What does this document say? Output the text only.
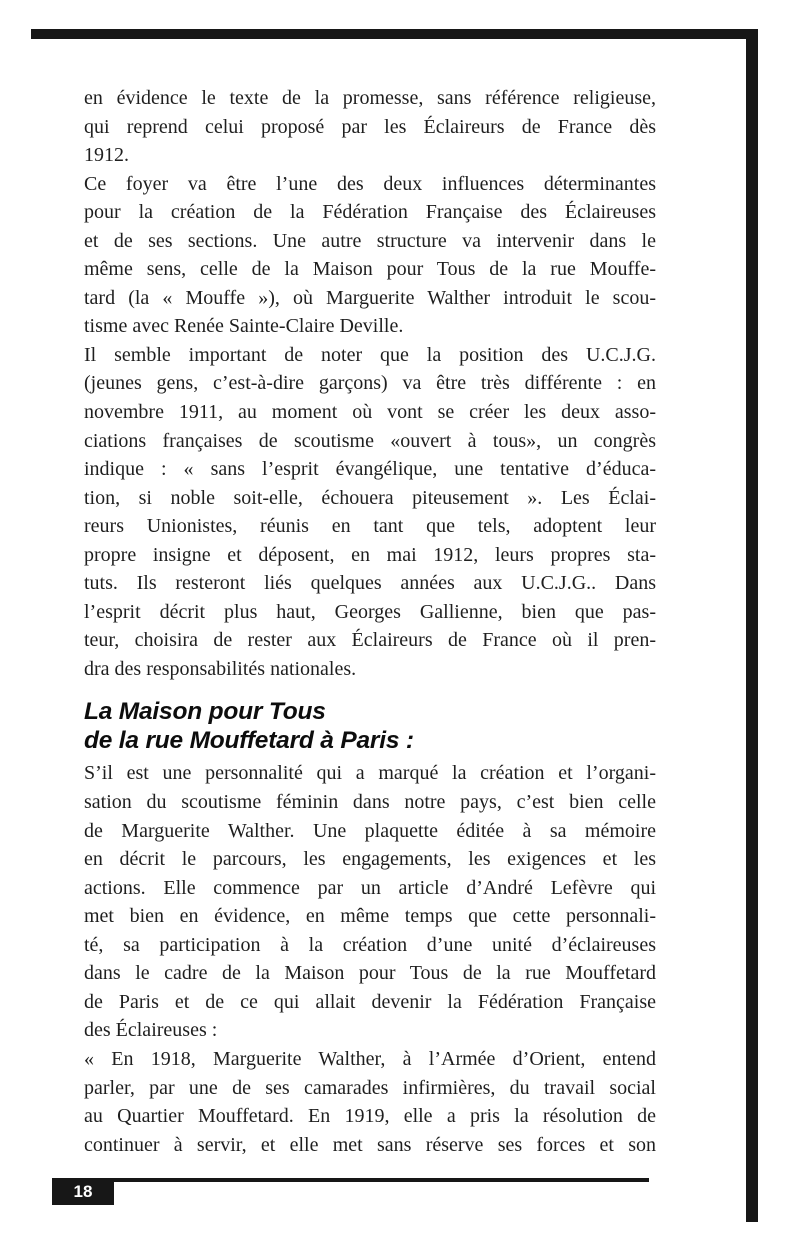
en évidence le texte de la promesse, sans référence religieuse,
qui reprend celui proposé par les Éclaireurs de France dès
1912.
Ce foyer va être l’une des deux influences déterminantes
pour la création de la Fédération Française des Éclaireuses
et de ses sections. Une autre structure va intervenir dans le
même sens, celle de la Maison pour Tous de la rue Mouffe-
tard (la « Mouffe »), où Marguerite Walther introduit le scou-
tisme avec Renée Sainte-Claire Deville.
Il semble important de noter que la position des U.C.J.G.
(jeunes gens, c’est-à-dire garçons) va être très différente : en
novembre 1911, au moment où vont se créer les deux asso-
ciations françaises de scoutisme «ouvert à tous», un congrès
indique : « sans l’esprit évangélique, une tentative d’éduca-
tion, si noble soit-elle, échouera piteusement ». Les Éclai-
reurs Unionistes, réunis en tant que tels, adoptent leur
propre insigne et déposent, en mai 1912, leurs propres sta-
tuts. Ils resteront liés quelques années aux U.C.J.G.. Dans
l’esprit décrit plus haut, Georges Gallienne, bien que pas-
teur, choisira de rester aux Éclaireurs de France où il pren-
dra des responsabilités nationales.
La Maison pour Tous
de la rue Mouffetard à Paris :
S’il est une personnalité qui a marqué la création et l’organi-
sation du scoutisme féminin dans notre pays, c’est bien celle
de Marguerite Walther. Une plaquette éditée à sa mémoire
en décrit le parcours, les engagements, les exigences et les
actions. Elle commence par un article d’André Lefèvre qui
met bien en évidence, en même temps que cette personnali-
té, sa participation à la création d’une unité d’éclaireuses
dans le cadre de la Maison pour Tous de la rue Mouffetard
de Paris et de ce qui allait devenir la Fédération Française
des Éclaireuses :
« En 1918, Marguerite Walther, à l’Armée d’Orient, entend
parler, par une de ses camarades infirmières, du travail social
au Quartier Mouffetard. En 1919, elle a pris la résolution de
continuer à servir, et elle met sans réserve ses forces et son
18
